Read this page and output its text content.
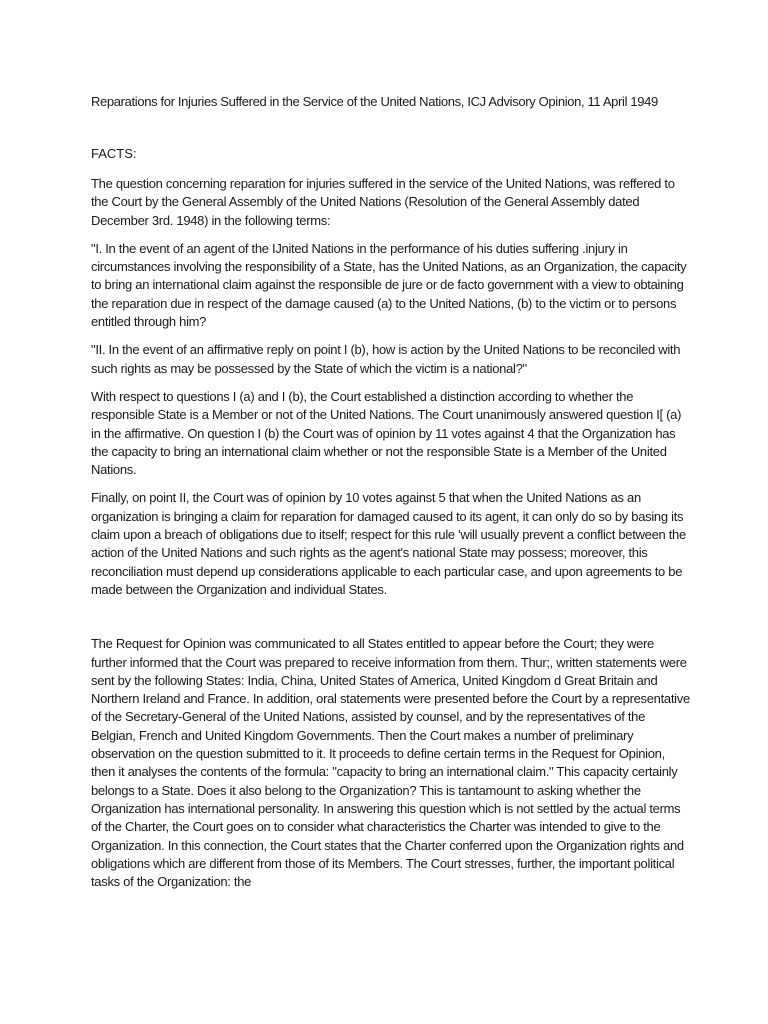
Reparations for Injuries Suffered in the Service of the United Nations, ICJ Advisory Opinion, 11 April 1949
FACTS:

The question concerning reparation for injuries suffered in the service of the United Nations, was reffered to the Court by the General Assembly of the United Nations (Resolution of the General Assembly dated December 3rd. 1948) in the following terms:

"I. In the event of an agent of the IJnited Nations in the performance of his duties suffering .injury in circumstances involving the responsibility of a State, has the United Nations, as an Organization, the capacity to bring an international claim against the responsible de jure or de facto government with a view to obtaining the reparation due in respect of the damage caused (a) to the United Nations, (b) to the victim or to persons entitled through him?

"II. In the event of an affirmative reply on point I (b), how is action by the United Nations to be reconciled with such rights as may be possessed by the State of which the victim is a national?"

With respect to questions I (a) and I (b), the Court established a distinction according to whether the responsible State is a Member or not of the United Nations. The Court unanimously answered question I[ (a) in the affirmative. On question I (b) the Court was of opinion by 11 votes against 4 that the Organization has the capacity to bring an international claim whether or not the responsible State is a Member of the United Nations.

Finally, on point II, the Court was of opinion by 10 votes against 5 that when the United Nations as an organization is bringing a claim for reparation for damaged caused to its agent, it can only do so by basing its claim upon a breach of obligations due to itself; respect for this rule 'will usually prevent a conflict between the action of the United Nations and such rights as the agent's national State may possess; moreover, this reconciliation must depend up considerations applicable to each particular case, and upon agreements to be made between the Organization and individual States.

The Request for Opinion was communicated to all States entitled to appear before the Court; they were further informed that the Court was prepared to receive information from them. Thur;, written statements were sent by the following States: India, China, United States of America, United Kingdom d Great Britain and Northern Ireland and France. In addition, oral statements were presented before the Court by a representative of the Secretary-General of the United Nations, assisted by counsel, and by the representatives of the Belgian, French and United Kingdom Governments. Then the Court makes a number of preliminary observation on the question submitted to it. It proceeds to define certain terms in the Request for Opinion, then it analyses the contents of the formula: "capacity to bring an international claim." This capacity certainly belongs to a State. Does it also belong to the Organization? This is tantamount to asking whether the Organization has international personality. In answering this question which is not settled by the actual terms of the Charter, the Court goes on to consider what characteristics the Charter was intended to give to the Organization. In this connection, the Court states that the Charter conferred upon the Organization rights and obligations which are different from those of its Members. The Court stresses, further, the important political tasks of the Organization: the
